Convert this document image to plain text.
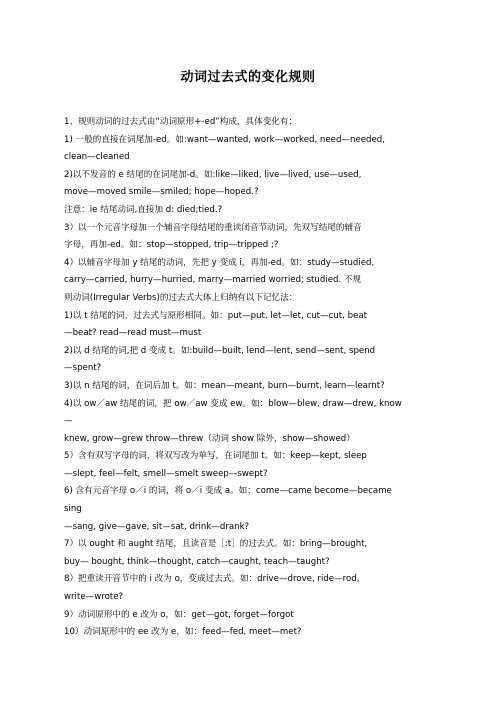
动词过去式的变化规则
1、规则动词的过去式由“动词原形+-ed”构成，具体变化有：
1) 一般的直接在词尾加-ed。如:want—wanted, work—worked, need—needed,
clean—cleaned
2)以不发音的 e 结尾的在词尾加-d。如:like—liked, live—lived, use—used,
move—moved smile—smiled; hope—hoped.?
注意：ie 结尾动词,直接加 d: died;tied.?
3）以一个元音字母加一个辅音字母结尾的重读闭音节动词，先双写结尾的辅音
字母，再加-ed。如：stop—stopped, trip—tripped ;?
4）以辅音字母加 y 结尾的动词，先把 y 变成 i，再加-ed。如：study—studied,
carry—carried, hurry—hurried, marry—married worried; studied. 不规
则动词(Irregular Verbs)的过去式大体上归纳有以下记忆法：
1)以 t 结尾的词，过去式与原形相同。如：put—put, let—let, cut—cut, beat
—beat? read—read must—must
2)以 d 结尾的词,把 d 变成 t。如:build—built, lend—lent, send—sent, spend
—spent?
3)以 n 结尾的词，在词后加 t。如：mean—meant, burn—burnt, learn—learnt?
4)以 ow／aw 结尾的词，把 ow／aw 变成 ew。如：blow—blew, draw—drew, know
—
knew, grow—grew throw—threw（动词 show 除外，show—showed）
5）含有双写字母的词，将双写改为单写，在词尾加 t。如：keep—kept, sleep
—slept, feel—felt, smell—smelt sweep—swept?
6) 含有元音字母 o／i 的词，将 o／i 变成 a。如：come—came become—became
sing
—sang, give—gave, sit—sat, drink—drank?
7）以 ought 和 aught 结尾，且读音是［:t］的过去式。如：bring—brought,
buy— bought, think—thought, catch—caught, teach—taught?
8）把重读开音节中的 i 改为 o，变成过去式。如：drive—drove, ride—rod,
write—wrote?
9）动词原形中的 e 改为 o，如：get—got, forget—forgot
10）动词原形中的 ee 改为 e，如：feed—fed, meet—met?
